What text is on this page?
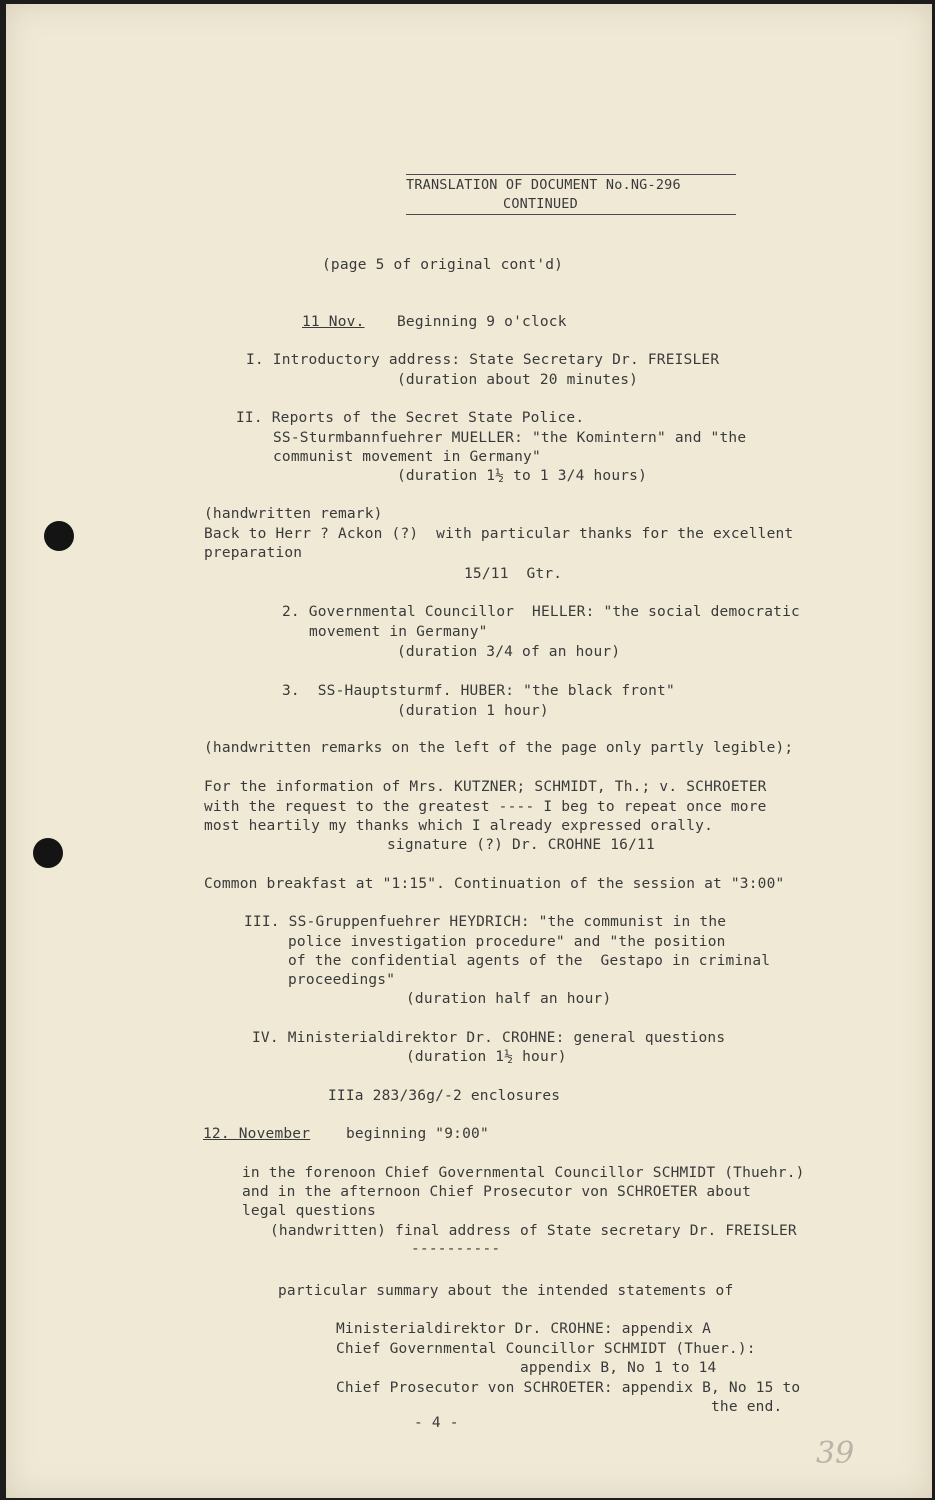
TRANSLATION OF DOCUMENT No.NG-296
CONTINUED
(page 5 of original cont'd)
11 Nov. Beginning 9 o'clock
I. Introductory address: State Secretary Dr. FREISLER
(duration about 20 minutes)
II. Reports of the Secret State Police.
SS-Sturmbannfuehrer MUELLER: "the Komintern" and "the
communist movement in Germany"
(duration 1½ to 1 3/4 hours)
(handwritten remark)
Back to Herr ? Ackon (?)  with particular thanks for the excellent
preparation
15/11  Gtr.
2. Governmental Councillor  HELLER: "the social democratic
movement in Germany"
(duration 3/4 of an hour)
3.  SS-Hauptsturmf. HUBER: "the black front"
(duration 1 hour)
(handwritten remarks on the left of the page only partly legible);
For the information of Mrs. KUTZNER; SCHMIDT, Th.; v. SCHROETER
with the request to the greatest ---- I beg to repeat once more
most heartily my thanks which I already expressed orally.
signature (?) Dr. CROHNE 16/11
Common breakfast at "1:15". Continuation of the session at "3:00"
III. SS-Gruppenfuehrer HEYDRICH: "the communist in the
police investigation procedure" and "the position
of the confidential agents of the  Gestapo in criminal
proceedings"
(duration half an hour)
IV. Ministerialdirektor Dr. CROHNE: general questions
(duration 1½ hour)
IIIa 283/36g/-2 enclosures
12. November beginning "9:00"
in the forenoon Chief Governmental Councillor SCHMIDT (Thuehr.)
and in the afternoon Chief Prosecutor von SCHROETER about
legal questions
(handwritten) final address of State secretary Dr. FREISLER
----------
particular summary about the intended statements of
Ministerialdirektor Dr. CROHNE: appendix A
Chief Governmental Councillor SCHMIDT (Thuer.):
appendix B, No 1 to 14
Chief Prosecutor von SCHROETER: appendix B, No 15 to
the end.
- 4 -
39
